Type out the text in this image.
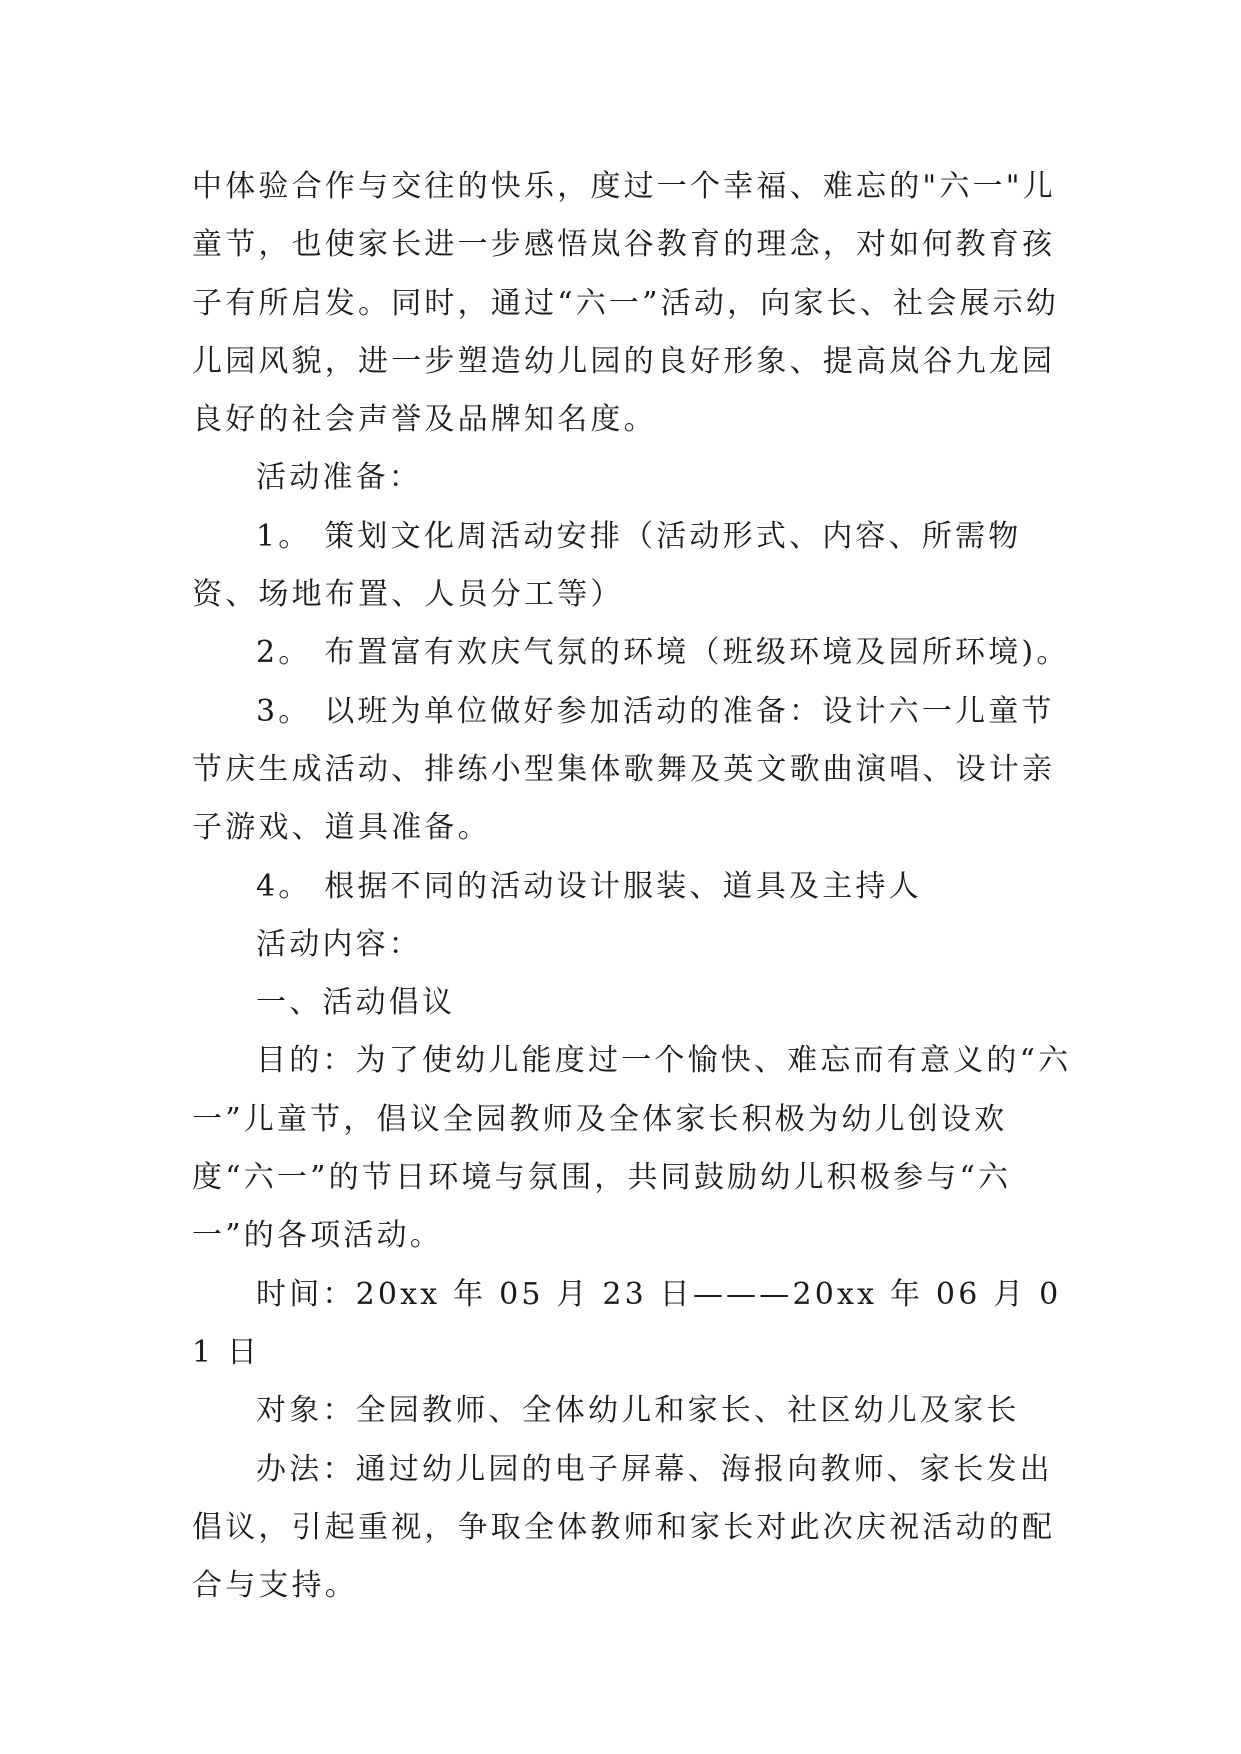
中体验合作与交往的快乐，度过一个幸福、难忘的"六一"儿童节，也使家长进一步感悟岚谷教育的理念，对如何教育孩子有所启发。同时，通过“六一”活动，向家长、社会展示幼儿园风貌，进一步塑造幼儿园的良好形象、提高岚谷九龙园良好的社会声誉及品牌知名度。

活动准备：

1。 策划文化周活动安排（活动形式、内容、所需物资、场地布置、人员分工等）

2。 布置富有欢庆气氛的环境（班级环境及园所环境)。

3。 以班为单位做好参加活动的准备：设计六一儿童节节庆生成活动、排练小型集体歌舞及英文歌曲演唱、设计亲子游戏、道具准备。

4。 根据不同的活动设计服装、道具及主持人

活动内容：

一、活动倡议

目的：为了使幼儿能度过一个愉快、难忘而有意义的“六一”儿童节，倡议全园教师及全体家长积极为幼儿创设欢度“六一”的节日环境与氛围，共同鼓励幼儿积极参与“六一”的各项活动。

时间：20xx 年 05 月 23 日———20xx 年 06 月 01 日

对象：全园教师、全体幼儿和家长、社区幼儿及家长

办法：通过幼儿园的电子屏幕、海报向教师、家长发出倡议，引起重视，争取全体教师和家长对此次庆祝活动的配合与支持。
